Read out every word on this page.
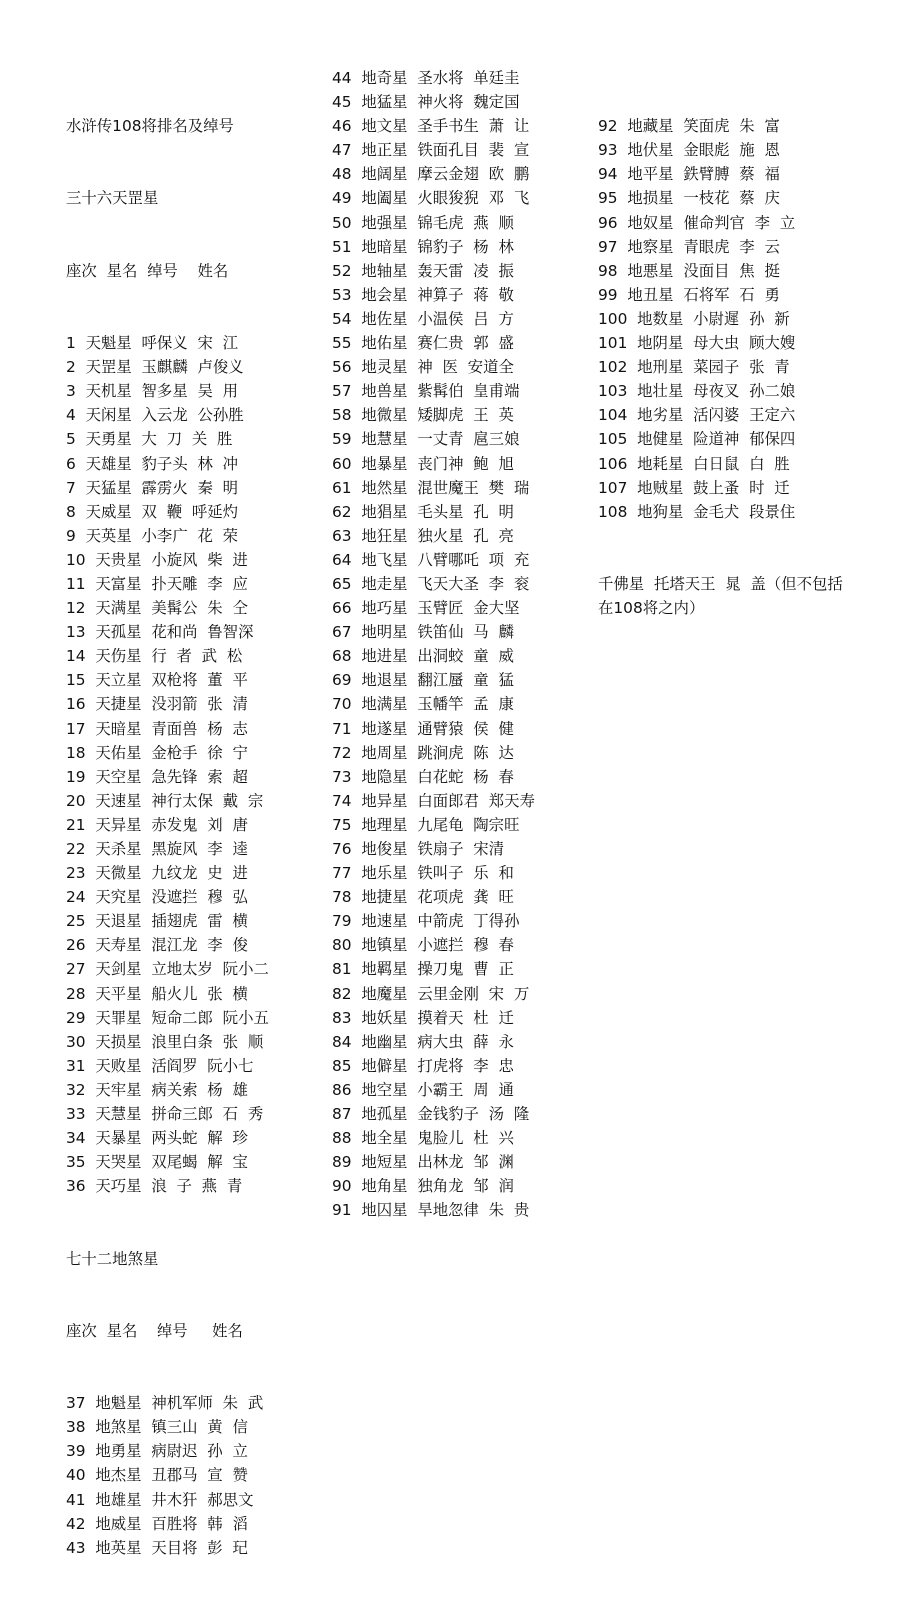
水浒传108将排名及绰号

三十六天罡星

座次  星名  绰号    姓名

1  天魁星  呼保义  宋  江
2  天罡星  玉麒麟  卢俊义
3  天机星  智多星  吴  用
4  天闲星  入云龙  公孙胜
5  天勇星  大  刀  关  胜
6  天雄星  豹子头  林  冲
7  天猛星  霹雳火  秦  明
8  天威星  双  鞭  呼延灼
9  天英星  小李广  花  荣
10  天贵星  小旋风  柴  进
11  天富星  扑天雕  李  应
12  天满星  美髯公  朱  仝
13  天孤星  花和尚  鲁智深
14  天伤星  行  者  武  松
15  天立星  双枪将  董  平
16  天捷星  没羽箭  张  清
17  天暗星  青面兽  杨  志
18  天佑星  金枪手  徐  宁
19  天空星  急先锋  索  超
20  天速星  神行太保  戴  宗
21  天异星  赤发鬼  刘  唐
22  天杀星  黑旋风  李  逵
23  天微星  九纹龙  史  进
24  天究星  没遮拦  穆  弘
25  天退星  插翅虎  雷  横
26  天寿星  混江龙  李  俊
27  天剑星  立地太岁  阮小二
28  天平星  船火儿  张  横
29  天罪星  短命二郎  阮小五
30  天损星  浪里白条  张  顺
31  天败星  活阎罗  阮小七
32  天牢星  病关索  杨  雄
33  天慧星  拼命三郎  石  秀
34  天暴星  两头蛇  解  珍
35  天哭星  双尾蝎  解  宝
36  天巧星  浪  子  燕  青

七十二地煞星

座次  星名    绰号     姓名

37  地魁星  神机军师  朱  武
38  地煞星  镇三山  黄  信
39  地勇星  病尉迟  孙  立
40  地杰星  丑郡马  宣  赞
41  地雄星  井木犴  郝思文
42  地威星  百胜将  韩  滔
43  地英星  天目将  彭  玘

44  地奇星  圣水将  单廷圭
45  地猛星  神火将  魏定国
46  地文星  圣手书生  萧  让
47  地正星  铁面孔目  裴  宣
48  地阔星  摩云金翅  欧  鹏
49  地阖星  火眼狻猊  邓  飞
50  地强星  锦毛虎  燕  顺
51  地暗星  锦豹子  杨  林
52  地轴星  轰天雷  凌  振
53  地会星  神算子  蒋  敬
54  地佐星  小温侯  吕  方
55  地佑星  赛仁贵  郭  盛
56  地灵星  神  医  安道全
57  地兽星  紫髯伯  皇甫端
58  地微星  矮脚虎  王  英
59  地慧星  一丈青  扈三娘
60  地暴星  丧门神  鲍  旭
61  地然星  混世魔王  樊  瑞
62  地猖星  毛头星  孔  明
63  地狂星  独火星  孔  亮
64  地飞星  八臂哪吒  项  充
65  地走星  飞天大圣  李  衮
66  地巧星  玉臂匠  金大坚
67  地明星  铁笛仙  马  麟
68  地进星  出洞蛟  童  威
69  地退星  翻江蜃  童  猛
70  地满星  玉幡竿  孟  康
71  地遂星  通臂猿  侯  健
72  地周星  跳涧虎  陈  达
73  地隐星  白花蛇  杨  春
74  地异星  白面郎君  郑天寿
75  地理星  九尾龟  陶宗旺
76  地俊星  铁扇子  宋清
77  地乐星  铁叫子  乐  和
78  地捷星  花项虎  龚  旺
79  地速星  中箭虎  丁得孙
80  地镇星  小遮拦  穆  春
81  地羁星  操刀鬼  曹  正
82  地魔星  云里金刚  宋  万
83  地妖星  摸着天  杜  迁
84  地幽星  病大虫  薛  永
85  地僻星  打虎将  李  忠
86  地空星  小霸王  周  通
87  地孤星  金钱豹子  汤  隆
88  地全星  鬼脸儿  杜  兴
89  地短星  出林龙  邹  渊
90  地角星  独角龙  邹  润
91  地囚星  旱地忽律  朱  贵

92  地藏星  笑面虎  朱  富
93  地伏星  金眼彪  施  恩
94  地平星  鉄臂膊  蔡  福
95  地损星  一枝花  蔡  庆
96  地奴星  催命判官  李  立
97  地察星  青眼虎  李  云
98  地悪星  没面目  焦  挺
99  地丑星  石将军  石  勇
100  地数星  小尉遲  孙  新
101  地阴星  母大虫  顾大嫂
102  地刑星  菜园子  张  青
103  地壮星  母夜叉  孙二娘
104  地劣星  活闪婆  王定六
105  地健星  险道神  郁保四
106  地耗星  白日鼠  白  胜
107  地贼星  鼓上蚤  时  迁
108  地狗星  金毛犬  段景住

千佛星  托塔天王  晁  盖（但不包括在108将之内）
